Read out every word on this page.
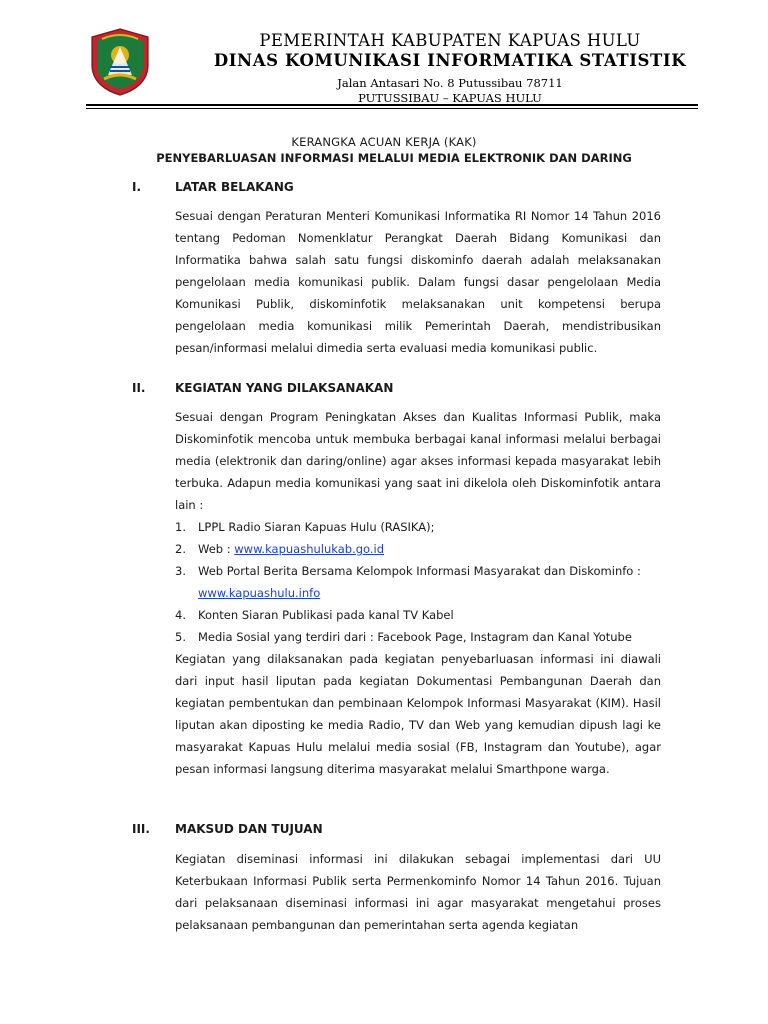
PEMERINTAH KABUPATEN KAPUAS HULU
DINAS KOMUNIKASI INFORMATIKA STATISTIK
Jalan Antasari No. 8 Putussibau 78711
PUTUSSIBAU – KAPUAS HULU
KERANGKA ACUAN KERJA (KAK)
PENYEBARLUASAN INFORMASI MELALUI MEDIA ELEKTRONIK DAN DARING
I.	LATAR BELAKANG

Sesuai dengan Peraturan Menteri Komunikasi Informatika RI Nomor 14 Tahun 2016 tentang Pedoman Nomenklatur Perangkat Daerah Bidang Komunikasi dan Informatika bahwa salah satu fungsi diskominfo daerah adalah melaksanakan pengelolaan media komunikasi publik. Dalam fungsi dasar pengelolaan Media Komunikasi Publik, diskominfotik melaksanakan unit kompetensi berupa pengelolaan media komunikasi milik Pemerintah Daerah, mendistribusikan pesan/informasi melalui dimedia serta evaluasi media komunikasi public.

II. KEGIATAN YANG DILAKSANAKAN

Sesuai dengan Program Peningkatan Akses dan Kualitas Informasi Publik, maka Diskominfotik mencoba untuk membuka berbagai kanal informasi melalui berbagai media (elektronik dan daring/online) agar akses informasi kepada masyarakat lebih terbuka. Adapun media komunikasi yang saat ini dikelola oleh Diskominfotik antara lain :

1. LPPL Radio Siaran Kapuas Hulu (RASIKA);
2. Web : www.kapuashulukab.go.id
3. Web Portal Berita Bersama Kelompok Informasi Masyarakat dan Diskominfo : www.kapuashulu.info
4. Konten Siaran Publikasi pada kanal TV Kabel
5. Media Sosial yang terdiri dari : Facebook Page, Instagram dan Kanal Yotube

Kegiatan yang dilaksanakan pada kegiatan penyebarluasan informasi ini diawali dari input hasil liputan pada kegiatan Dokumentasi Pembangunan Daerah dan kegiatan pembentukan dan pembinaan Kelompok Informasi Masyarakat (KIM). Hasil liputan akan diposting ke media Radio, TV dan Web yang kemudian dipush lagi ke masyarakat Kapuas Hulu melalui media sosial (FB, Instagram dan Youtube), agar pesan informasi langsung diterima masyarakat melalui Smarthpone warga.

III. MAKSUD DAN TUJUAN

Kegiatan diseminasi informasi ini dilakukan sebagai implementasi dari UU Keterbukaan Informasi Publik serta Permenkominfo Nomor 14 Tahun 2016. Tujuan dari pelaksanaan diseminasi informasi ini agar masyarakat mengetahui proses pelaksanaan pembangunan dan pemerintahan serta agenda kegiatan
